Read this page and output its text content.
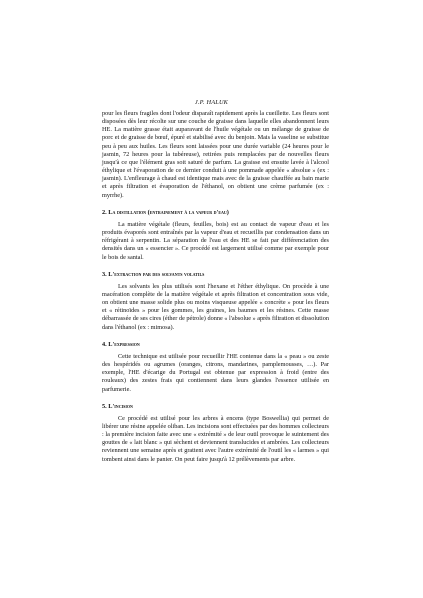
J.P. HALUK

pour les fleurs fragiles dont l'odeur disparaît rapidement après la cueillette. Les fleurs sont disposées dès leur récolte sur une couche de graisse dans laquelle elles abandonnent leurs HE. La matière grasse était auparavant de l'huile végétale ou un mélange de graisse de porc et de graisse de bœuf, épuré et stabilisé avec du benjoin. Mais la vaseline se substitue peu à peu aux huiles. Les fleurs sont laissées pour une durée variable (24 heures pour le jasmin, 72 heures pour la tubéreuse), retirées puis remplacées par de nouvelles fleurs jusqu'à ce que l'élément gras soit saturé de parfum. La graisse est ensuite lavée à l'alcool éthylique et l'évaporation de ce dernier conduit à une pommade appelée « absolue » (ex : jasmin). L'enfleurage à chaud est identique mais avec de la graisse chauffée au bain marie et après filtration et évaporation de l'éthanol, on obtient une crème parfumée (ex : myrrhe).

2. La distillation (entrainement à la vapeur d'eau)

La matière végétale (fleurs, feuilles, bois) est au contact de vapeur d'eau et les produits évaporés sont entraînés par la vapeur d'eau et recueillis par condensation dans un réfrigérant à serpentin. La séparation de l'eau et des HE se fait par différenciation des densités dans un « essencier ». Ce procédé est largement utilisé comme par exemple pour le bois de santal.

3. L'extraction par des solvants volatils

Les solvants les plus utilisés sont l'hexane et l'éther éthylique. On procède à une macération complète de la matière végétale et après filtration et concentration sous vide, on obtient une masse solide plus ou moins visqueuse appelée « concrète » pour les fleurs et « rétinoïdes » pour les gommes, les graines, les baumes et les résines. Cette masse débarrassée de ses cires (éther de pétrole) donne « l'absolue » après filtration et dissolution dans l'éthanol (ex : mimosa).

4. L'expression

Cette technique est utilisée pour recueillir l'HE contenue dans la « peau » ou zeste des hespéridés ou agrumes (oranges, citrons, mandarines, pamplemousses, …). Par exemple, l'HE d'écarige du Portugal est obtenue par expression à froid (entre des rouleaux) des zestes frais qui contiennent dans leurs glandes l'essence utilisée en parfumerie.

5. L'incision

Ce procédé est utilisé pour les arbres à encens (type Boswellia) qui permet de libérer une résine appelée oliban. Les incisions sont effectuées par des hommes collecteurs : la première incision faite avec une « extrémité » de leur outil provoque le suintement des gouttes de « lait blanc » qui sèchent et deviennent translucides et ambrées. Les collecteurs reviennent une semaine après et grattent avec l'autre extrémité de l'outil les « larmes » qui tombent ainsi dans le panier. On peut faire jusqu'à 12 prélèvements par arbre.
